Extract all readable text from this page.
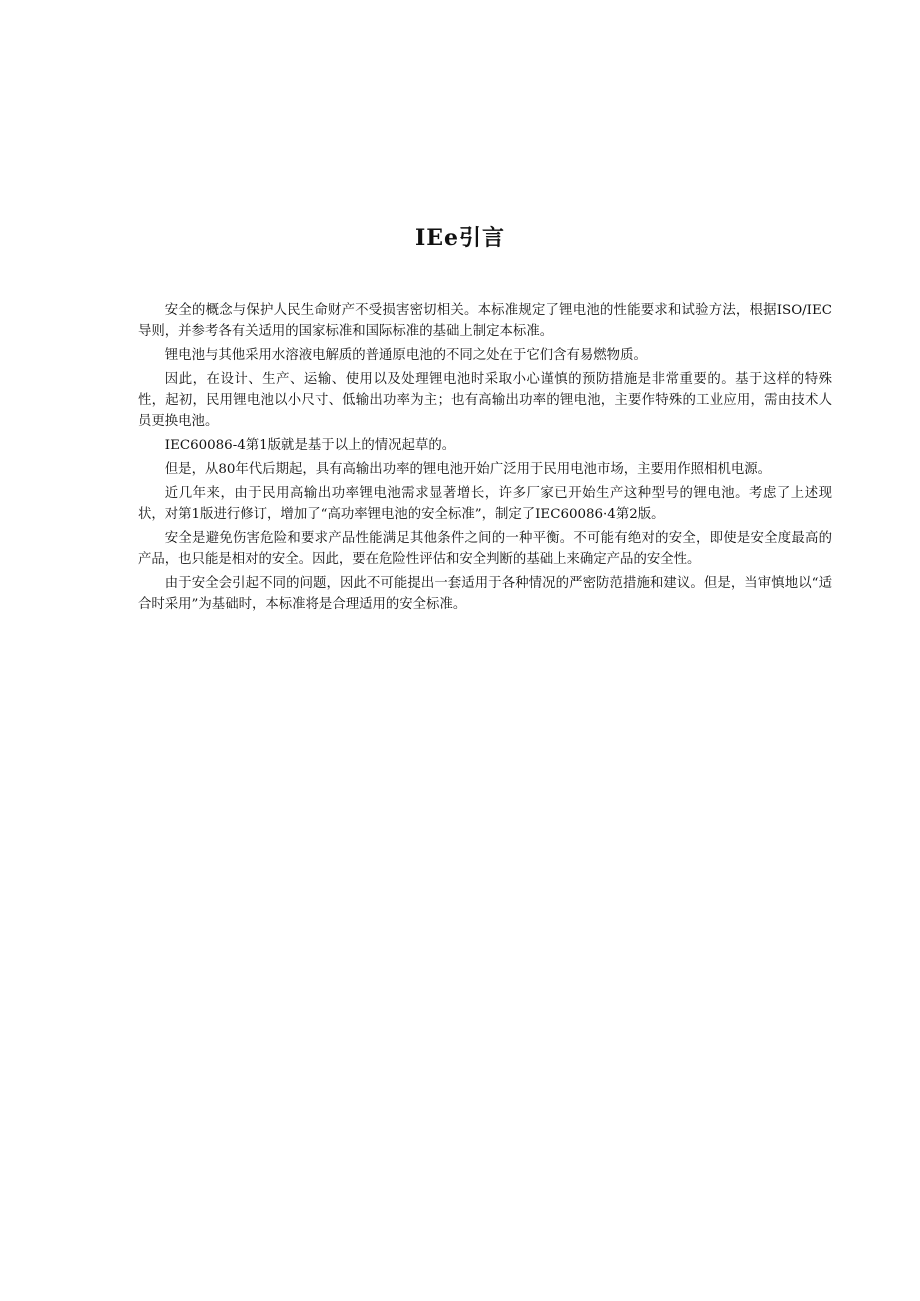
IEe引言

安全的概念与保护人民生命财产不受损害密切相关。本标准规定了锂电池的性能要求和试验方法，根据ISO/IEC导则，并参考各有关适用的国家标准和国际标准的基础上制定本标准。

锂电池与其他采用水溶液电解质的普通原电池的不同之处在于它们含有易燃物质。

因此，在设计、生产、运输、使用以及处理锂电池时采取小心谨慎的预防措施是非常重要的。基于这样的特殊性，起初，民用锂电池以小尺寸、低输出功率为主；也有高输出功率的锂电池，主要作特殊的工业应用，需由技术人员更换电池。

IEC60086-4第1版就是基于以上的情况起草的。

但是，从80年代后期起，具有高输出功率的锂电池开始广泛用于民用电池市场，主要用作照相机电源。

近几年来，由于民用高输出功率锂电池需求显著增长，许多厂家已开始生产这种型号的锂电池。考虑了上述现状，对第1版进行修订，增加了“高功率锂电池的安全标准”，制定了IEC60086·4第2版。

安全是避免伤害危险和要求产品性能满足其他条件之间的一种平衡。不可能有绝对的安全，即使是安全度最高的产品，也只能是相对的安全。因此，要在危险性评估和安全判断的基础上来确定产品的安全性。

由于安全会引起不同的问题，因此不可能提出一套适用于各种情况的严密防范措施和建议。但是，当审慎地以“适合时采用”为基础时，本标准将是合理适用的安全标准。
